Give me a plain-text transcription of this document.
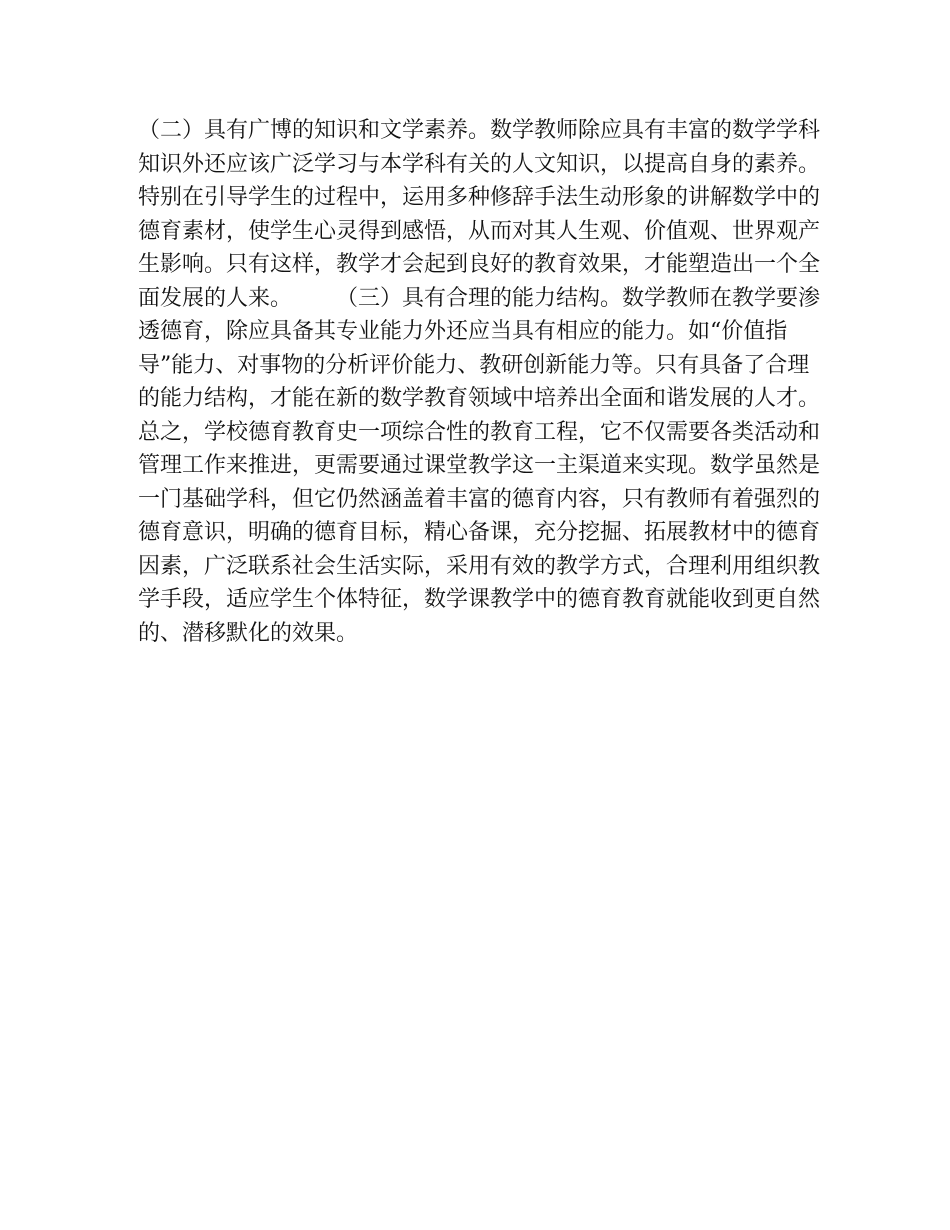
（二）具有广博的知识和文学素养。数学教师除应具有丰富的数学学科
知识外还应该广泛学习与本学科有关的人文知识，以提高自身的素养。
特别在引导学生的过程中，运用多种修辞手法生动形象的讲解数学中的
德育素材，使学生心灵得到感悟，从而对其人生观、价值观、世界观产
生影响。只有这样，教学才会起到良好的教育效果，才能塑造出一个全
面发展的人来。　　　（三）具有合理的能力结构。数学教师在教学要渗
透德育，除应具备其专业能力外还应当具有相应的能力。如“价值指
导”能力、对事物的分析评价能力、教研创新能力等。只有具备了合理
的能力结构，才能在新的数学教育领域中培养出全面和谐发展的人才。
总之，学校德育教育史一项综合性的教育工程，它不仅需要各类活动和
管理工作来推进，更需要通过课堂教学这一主渠道来实现。数学虽然是
一门基础学科，但它仍然涵盖着丰富的德育内容，只有教师有着强烈的
德育意识，明确的德育目标，精心备课，充分挖掘、拓展教材中的德育
因素，广泛联系社会生活实际，采用有效的教学方式，合理利用组织教
学手段，适应学生个体特征，数学课教学中的德育教育就能收到更自然
的、潜移默化的效果。
